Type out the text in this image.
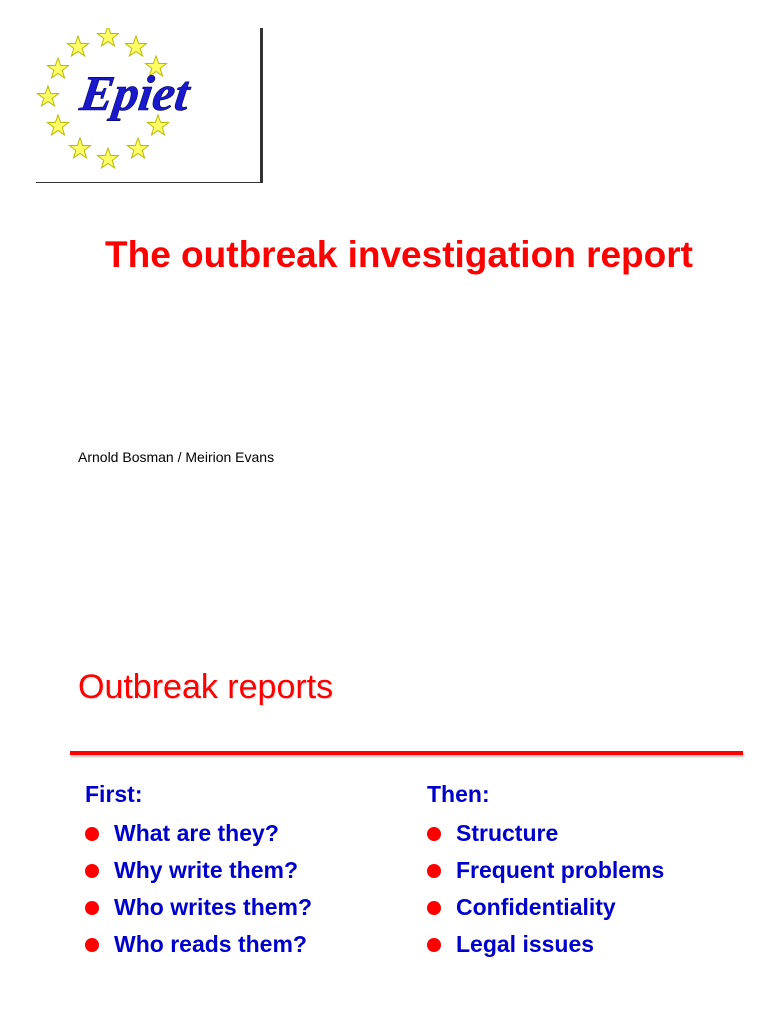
Epiet
The outbreak investigation report
Arnold Bosman / Meirion Evans
Outbreak reports
First:
What are they?
Why write them?
Who writes them?
Who reads them?
Then:
Structure
Frequent problems
Confidentiality
Legal issues
